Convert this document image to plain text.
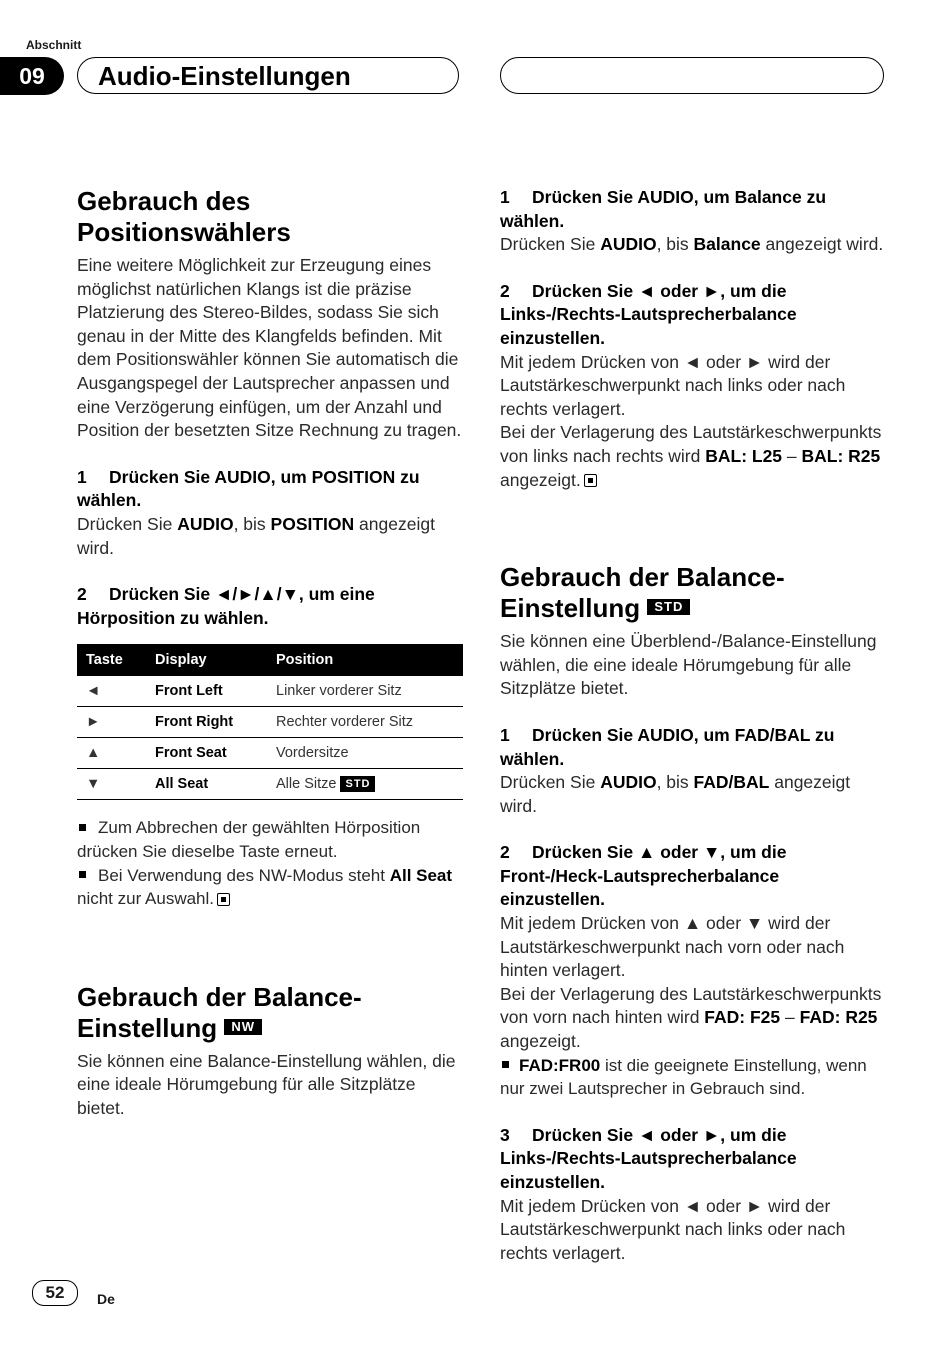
Abschnitt
09	Audio-Einstellungen
Gebrauch des Positionswählers

Eine weitere Möglichkeit zur Erzeugung eines möglichst natürlichen Klangs ist die präzise Platzierung des Stereo-Bildes, sodass Sie sich genau in der Mitte des Klangfelds befinden. Mit dem Positionswähler können Sie automatisch die Ausgangspegel der Lautsprecher anpassen und eine Verzögerung einfügen, um der Anzahl und Position der besetzten Sitze Rechnung zu tragen.

1 Drücken Sie AUDIO, um POSITION zu wählen.

Drücken Sie AUDIO, bis POSITION angezeigt wird.

2 Drücken Sie ◄/►/▲/▼, um eine Hörposition zu wählen.

Taste	Display	Position
◄	Front Left	Linker vorderer Sitz
►	Front Right	Rechter vorderer Sitz
▲	Front Seat	Vordersitze
▼	All Seat	Alle Sitze STD

Zum Abbrechen der gewählten Hörposition drücken Sie dieselbe Taste erneut.

Bei Verwendung des NW-Modus steht All Seat nicht zur Auswahl.

Gebrauch der Balance-Einstellung NW

Sie können eine Balance-Einstellung wählen, die eine ideale Hörumgebung für alle Sitzplätze bietet.

1 Drücken Sie AUDIO, um Balance zu wählen.

Drücken Sie AUDIO, bis Balance angezeigt wird.

2 Drücken Sie ◄ oder ►, um die Links-/Rechts-Lautsprecherbalance einzustellen.

Mit jedem Drücken von ◄ oder ► wird der Lautstärkeschwerpunkt nach links oder nach rechts verlagert.

Bei der Verlagerung des Lautstärkeschwerpunkts von links nach rechts wird BAL: L25 – BAL: R25 angezeigt.

Gebrauch der Balance-Einstellung STD

Sie können eine Überblend-/Balance-Einstellung wählen, die eine ideale Hörumgebung für alle Sitzplätze bietet.

1 Drücken Sie AUDIO, um FAD/BAL zu wählen.

Drücken Sie AUDIO, bis FAD/BAL angezeigt wird.

2 Drücken Sie ▲ oder ▼, um die Front-/Heck-Lautsprecherbalance einzustellen.

Mit jedem Drücken von ▲ oder ▼ wird der Lautstärkeschwerpunkt nach vorn oder nach hinten verlagert.

Bei der Verlagerung des Lautstärkeschwerpunkts von vorn nach hinten wird FAD: F25 – FAD: R25 angezeigt.

FAD:FR00 ist die geeignete Einstellung, wenn nur zwei Lautsprecher in Gebrauch sind.

3 Drücken Sie ◄ oder ►, um die Links-/Rechts-Lautsprecherbalance einzustellen.

Mit jedem Drücken von ◄ oder ► wird der Lautstärkeschwerpunkt nach links oder nach rechts verlagert.

52	De
